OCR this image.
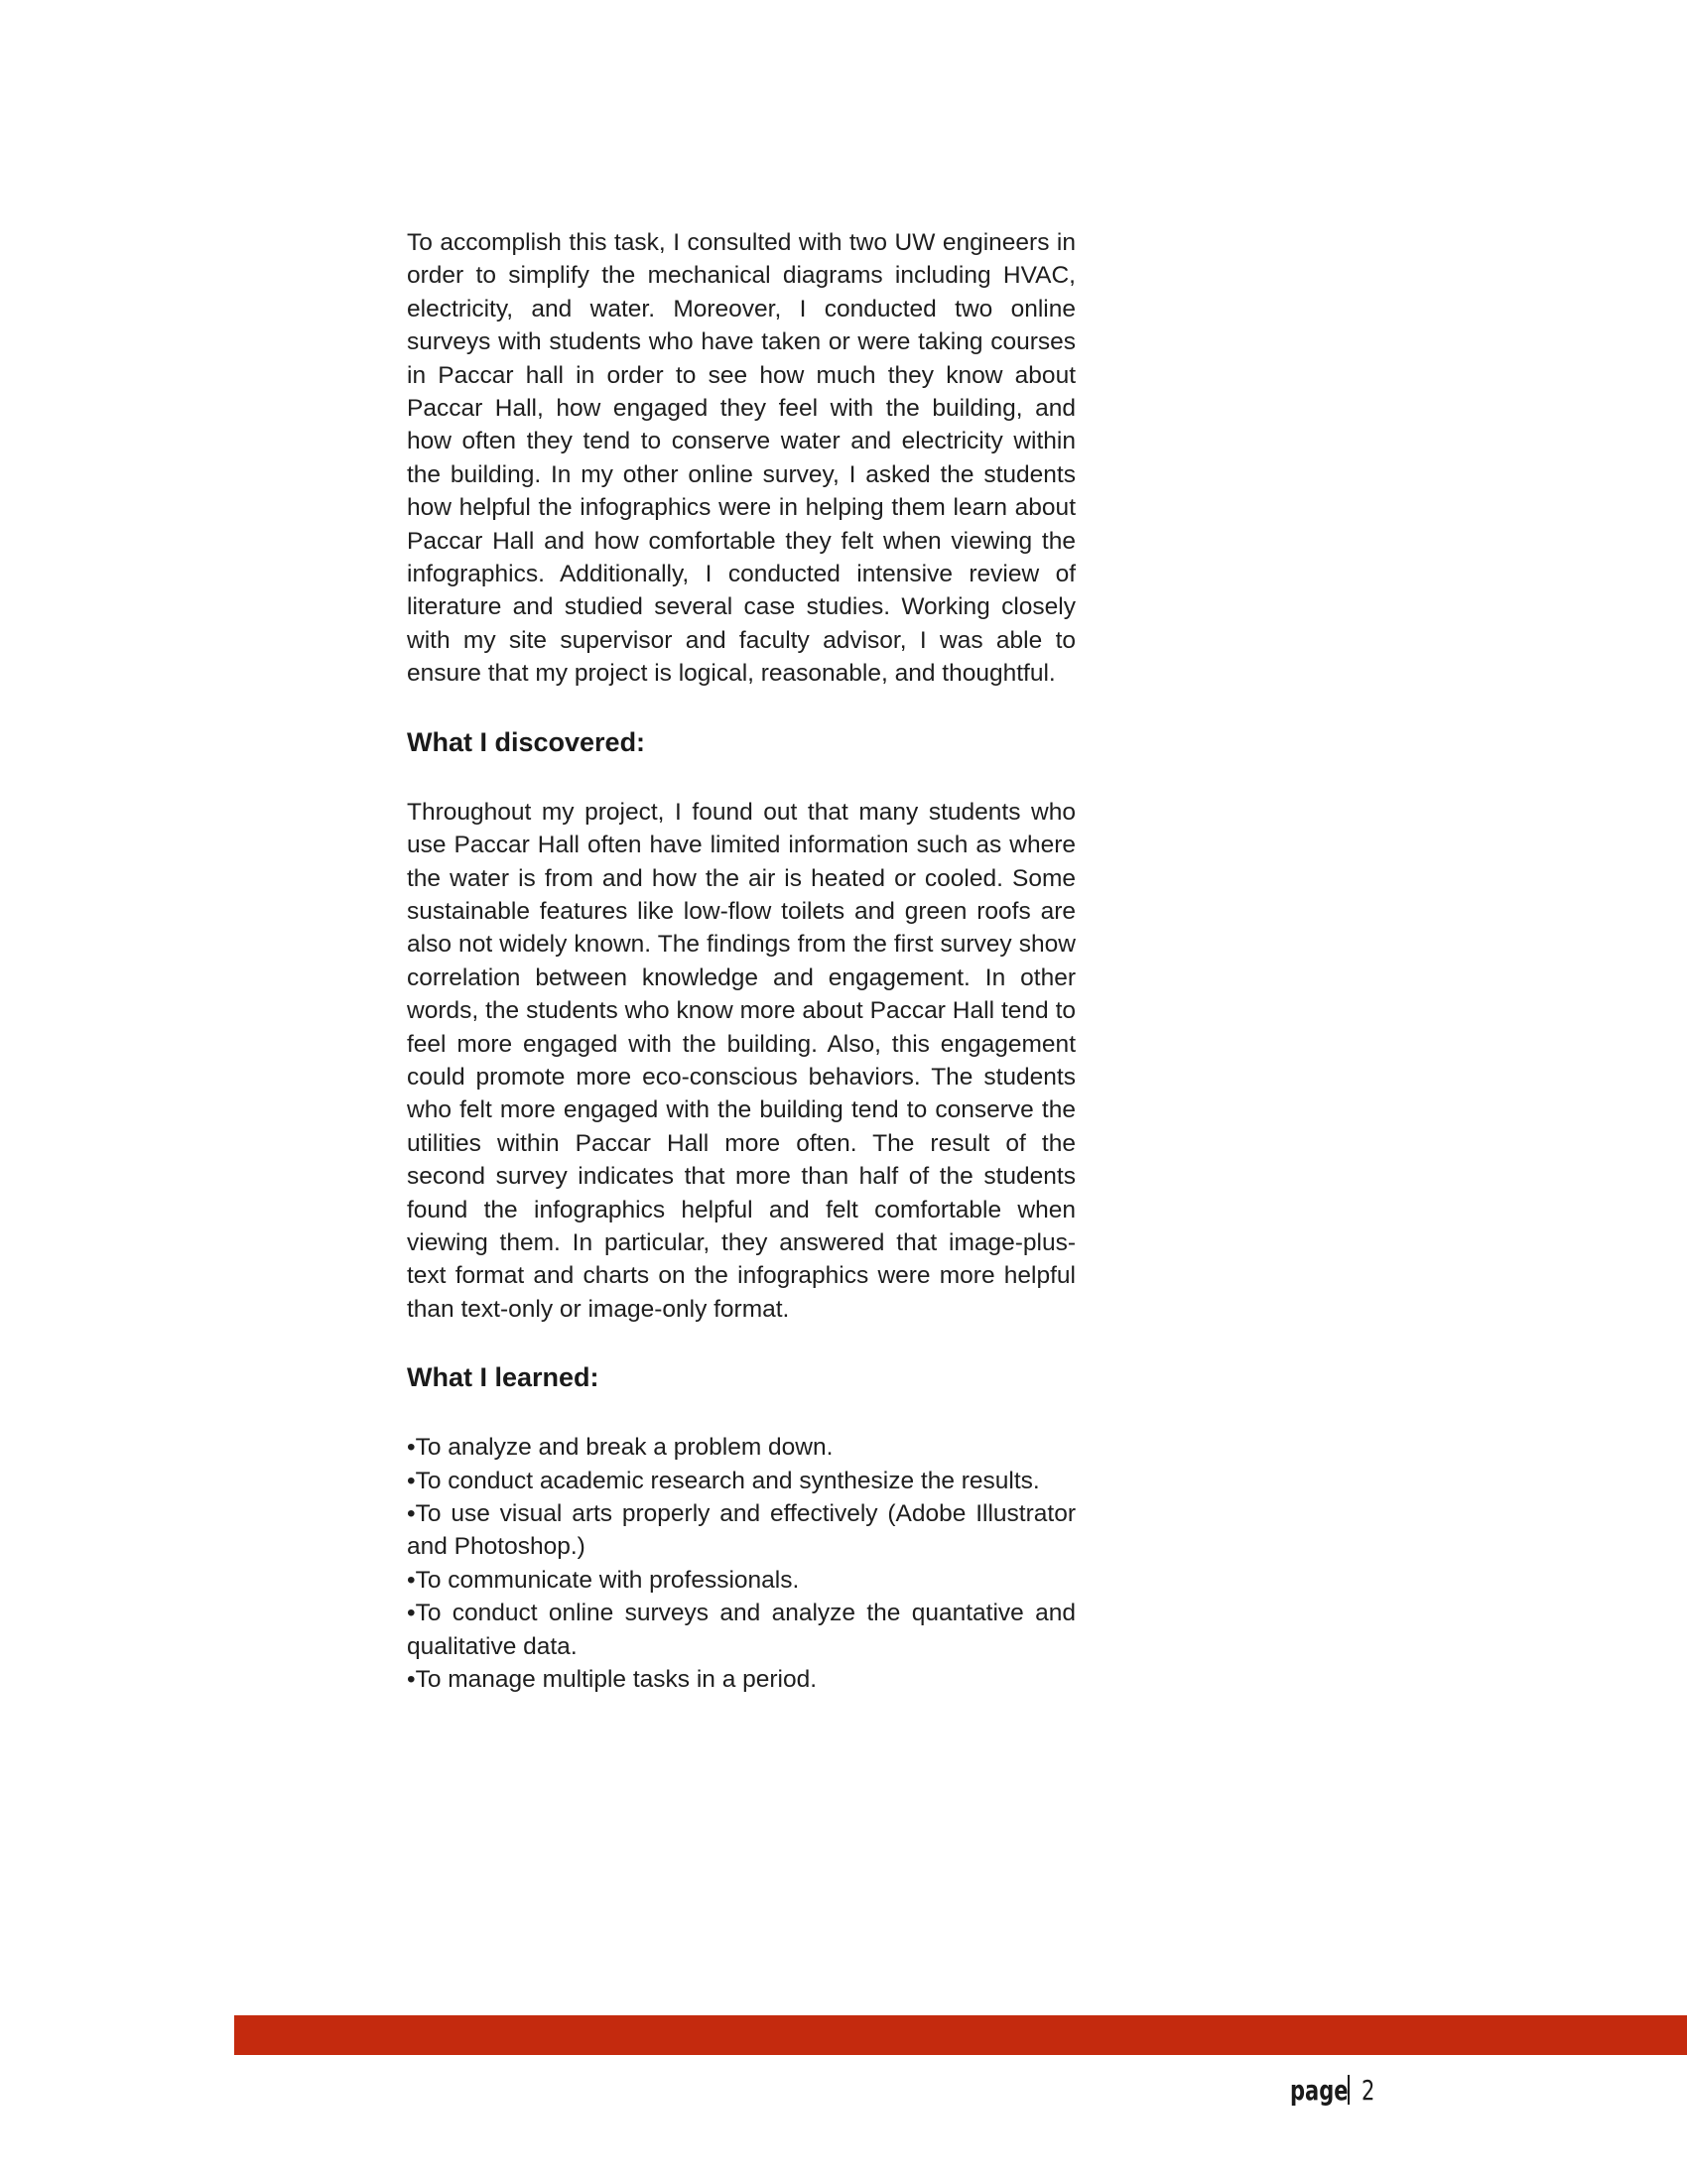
To accomplish this task, I consulted with two UW engineers in order to simplify the mechanical diagrams including HVAC, electricity, and water. Moreover, I conducted two online surveys with students who have taken or were taking courses in Paccar hall in order to see how much they know about Paccar Hall, how engaged they feel with the building, and how often they tend to conserve water and electricity within the building. In my other online survey, I asked the students how helpful the infographics were in helping them learn about Paccar Hall and how comfortable they felt when viewing the infographics. Additionally, I conducted intensive review of literature and studied several case studies. Working closely with my site supervisor and faculty advisor, I was able to ensure that my project is logical, reasonable, and thoughtful.

What I discovered:

Throughout my project, I found out that many students who use Paccar Hall often have limited information such as where the water is from and how the air is heated or cooled. Some sustainable features like low-flow toilets and green roofs are also not widely known. The findings from the first survey show correlation between knowledge and engagement. In other words, the students who know more about Paccar Hall tend to feel more engaged with the building. Also, this engagement could promote more eco-conscious behaviors. The students who felt more engaged with the building tend to conserve the utilities within Paccar Hall more often. The result of the second survey indicates that more than half of the students found the infographics helpful and felt comfortable when viewing them. In particular, they answered that image-plus-text format and charts on the infographics were more helpful than text-only or image-only format.

What I learned:
•To analyze and break a problem down.
•To conduct academic research and synthesize the results.
•To use visual arts properly and effectively (Adobe Illustrator and Photoshop.)
•To communicate with professionals.
•To conduct online surveys and analyze the quantative and qualitative data.
•To manage multiple tasks in a period.
page 2
